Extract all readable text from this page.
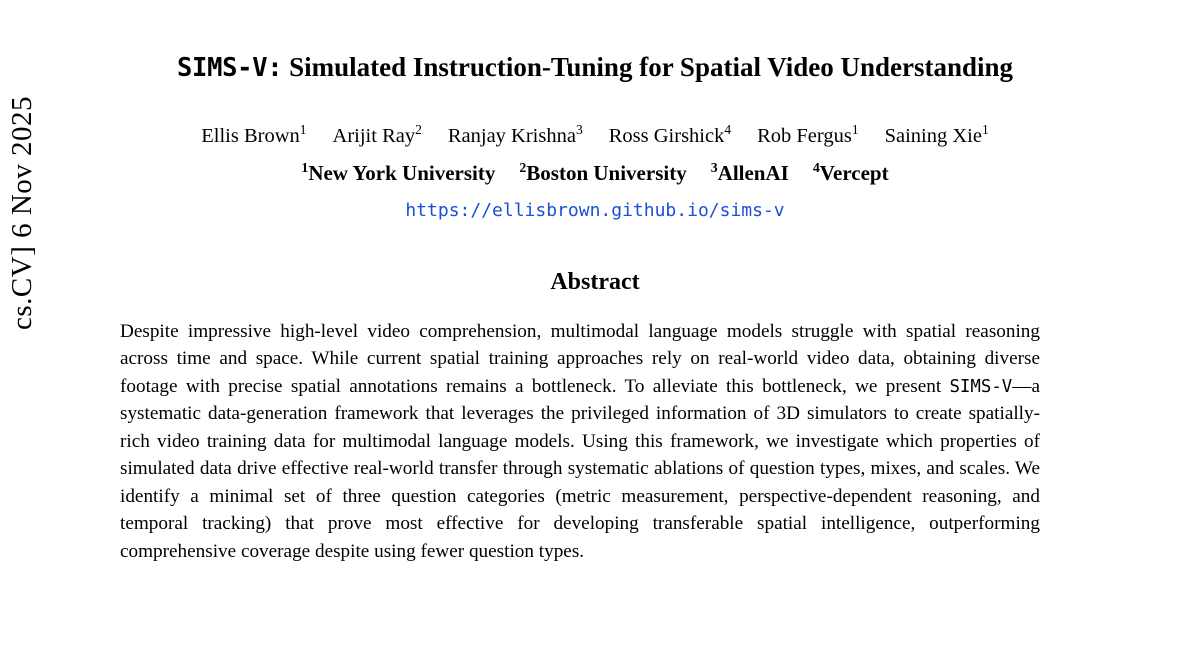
cs.CV] 6 Nov 2025
SIMS-V: Simulated Instruction-Tuning for Spatial Video Understanding
Ellis Brown$^1$ Arijit Ray$^2$ Ranjay Krishna$^3$ Ross Girshick$^4$ Rob Fergus$^1$ Saining Xie$^1$
$^1$New York University $^2$Boston University $^3$AllenAI $^4$Vercept
https://ellisbrown.github.io/sims-v
Abstract
Despite impressive high-level video comprehension, multimodal language models struggle with spatial reasoning across time and space. While current spatial training approaches rely on real-world video data, obtaining diverse footage with precise spatial annotations remains a bottleneck. To alleviate this bottleneck, we present SIMS-V—a systematic data-generation framework that leverages the privileged information of 3D simulators to create spatially-rich video training data for multimodal language models. Using this framework, we investigate which properties of simulated data drive effective real-world transfer through systematic ablations of question types, mixes, and scales. We identify a minimal set of three question categories (metric measurement, perspective-dependent reasoning, and temporal tracking) that prove most effective for developing transferable spatial intelligence, outperforming comprehensive coverage despite using fewer question types.
